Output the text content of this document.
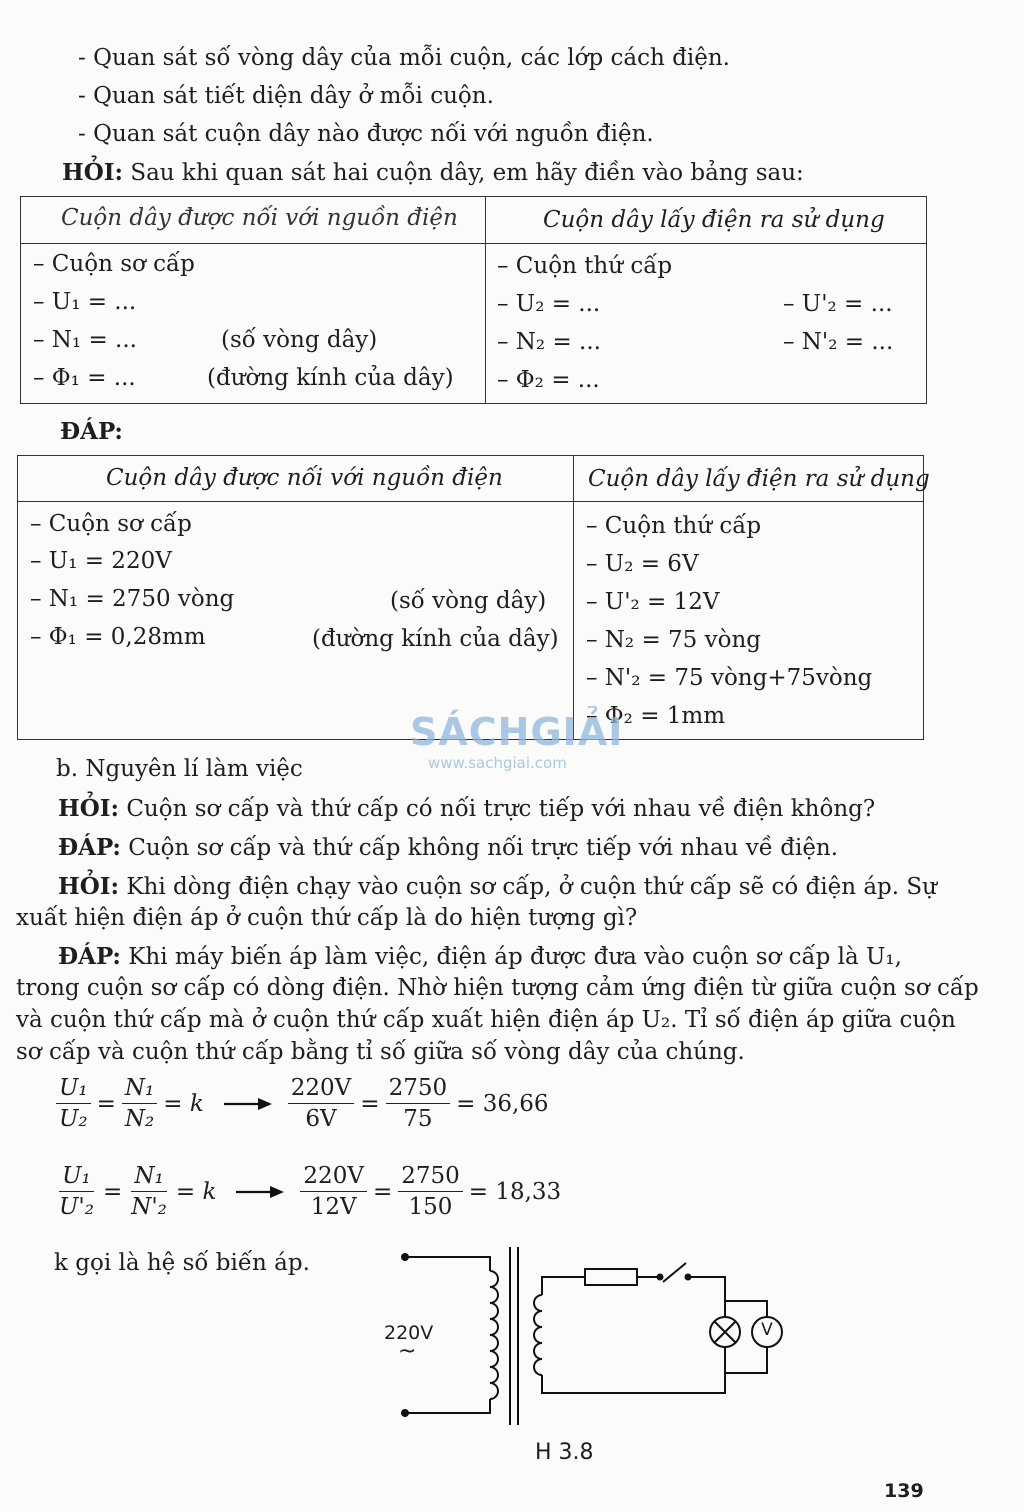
- Quan sát số vòng dây của mỗi cuộn, các lớp cách điện.
- Quan sát tiết diện dây ở mỗi cuộn.
- Quan sát cuộn dây nào được nối với nguồn điện.
HỎI: Sau khi quan sát hai cuộn dây, em hãy điền vào bảng sau:
Cuộn dây được nối với nguồn điện	Cuộn dây lấy điện ra sử dụng
– Cuộn sơ cấp
– U₁ = ...
– N₁ = ...	(số vòng dây)
– Φ₁ = ...	(đường kính của dây)
– Cuộn thứ cấp
– U₂ = ...	– U'₂ = ...
– N₂ = ...	– N'₂ = ...
– Φ₂ = ...
ĐÁP:
Cuộn dây được nối với nguồn điện	Cuộn dây lấy điện ra sử dụng
– Cuộn sơ cấp
– U₁ = 220V
– N₁ = 2750 vòng	(số vòng dây)
– Φ₁ = 0,28mm	(đường kính của dây)
– Cuộn thứ cấp
– U₂ = 6V
– U'₂ = 12V
– N₂ = 75 vòng
– N'₂ = 75 vòng+75vòng
– Φ₂ = 1mm
SÁCHGIẢI
www.sachgiai.com
b. Nguyên lí làm việc
HỎI: Cuộn sơ cấp và thứ cấp có nối trực tiếp với nhau về điện không?
ĐÁP: Cuộn sơ cấp và thứ cấp không nối trực tiếp với nhau về điện.
HỎI: Khi dòng điện chạy vào cuộn sơ cấp, ở cuộn thứ cấp sẽ có điện áp. Sự
xuất hiện điện áp ở cuộn thứ cấp là do hiện tượng gì?
ĐÁP: Khi máy biến áp làm việc, điện áp được đưa vào cuộn sơ cấp là U₁,
trong cuộn sơ cấp có dòng điện. Nhờ hiện tượng cảm ứng điện từ giữa cuộn sơ cấp
và cuộn thứ cấp mà ở cuộn thứ cấp xuất hiện điện áp U₂. Tỉ số điện áp giữa cuộn
sơ cấp và cuộn thứ cấp bằng tỉ số giữa số vòng dây của chúng.
$\frac{\text{U₁}}{\text{U₂}} = \frac{\text{N₁}}{\text{N₂}} = k$	$\frac{220V}{6V} = \frac{2750}{75} = 36,66$
$\frac{\text{U₁}}{\text{U'₂}} = \frac{\text{N₁}}{\text{N'₂}} = k$	$\frac{220V}{12V} = \frac{2750}{150} = 18,33$
k gọi là hệ số biến áp.
220V
~
V
H 3.8
139
